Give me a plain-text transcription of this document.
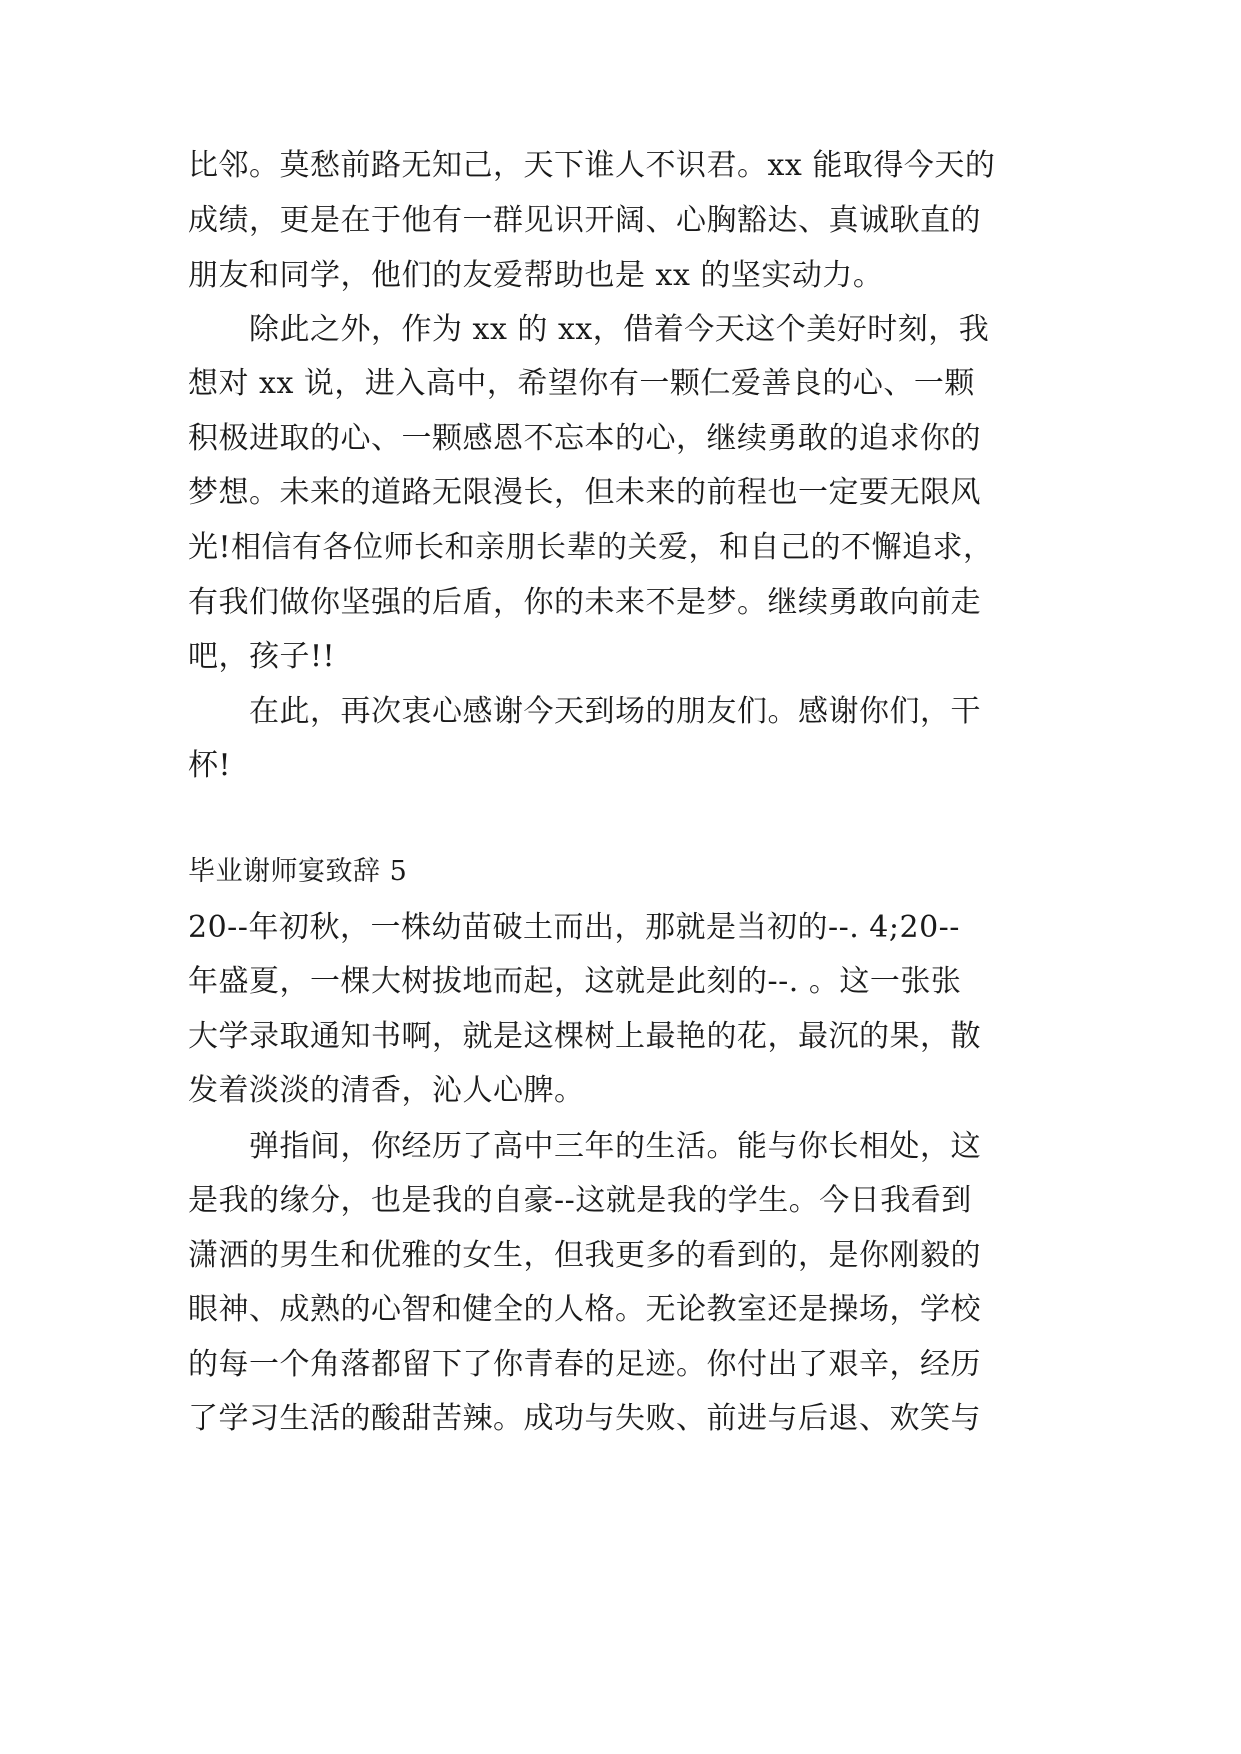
比邻。莫愁前路无知己，天下谁人不识君。xx 能取得今天的
成绩，更是在于他有一群见识开阔、心胸豁达、真诚耿直的
朋友和同学，他们的友爱帮助也是 xx 的坚实动力。
　　除此之外，作为 xx 的 xx，借着今天这个美好时刻，我
想对 xx 说，进入高中，希望你有一颗仁爱善良的心、一颗
积极进取的心、一颗感恩不忘本的心，继续勇敢的追求你的
梦想。未来的道路无限漫长，但未来的前程也一定要无限风
光!相信有各位师长和亲朋长辈的关爱，和自己的不懈追求，
有我们做你坚强的后盾，你的未来不是梦。继续勇敢向前走
吧，孩子!!
　　在此，再次衷心感谢今天到场的朋友们。感谢你们，干
杯!
毕业谢师宴致辞 5
20--年初秋，一株幼苗破土而出，那就是当初的--. 4;20--
年盛夏，一棵大树拔地而起，这就是此刻的--. 。这一张张
大学录取通知书啊，就是这棵树上最艳的花，最沉的果，散
发着淡淡的清香，沁人心脾。
　　弹指间，你经历了高中三年的生活。能与你长相处，这
是我的缘分，也是我的自豪--这就是我的学生。今日我看到
潇洒的男生和优雅的女生，但我更多的看到的，是你刚毅的
眼神、成熟的心智和健全的人格。无论教室还是操场，学校
的每一个角落都留下了你青春的足迹。你付出了艰辛，经历
了学习生活的酸甜苦辣。成功与失败、前进与后退、欢笑与
